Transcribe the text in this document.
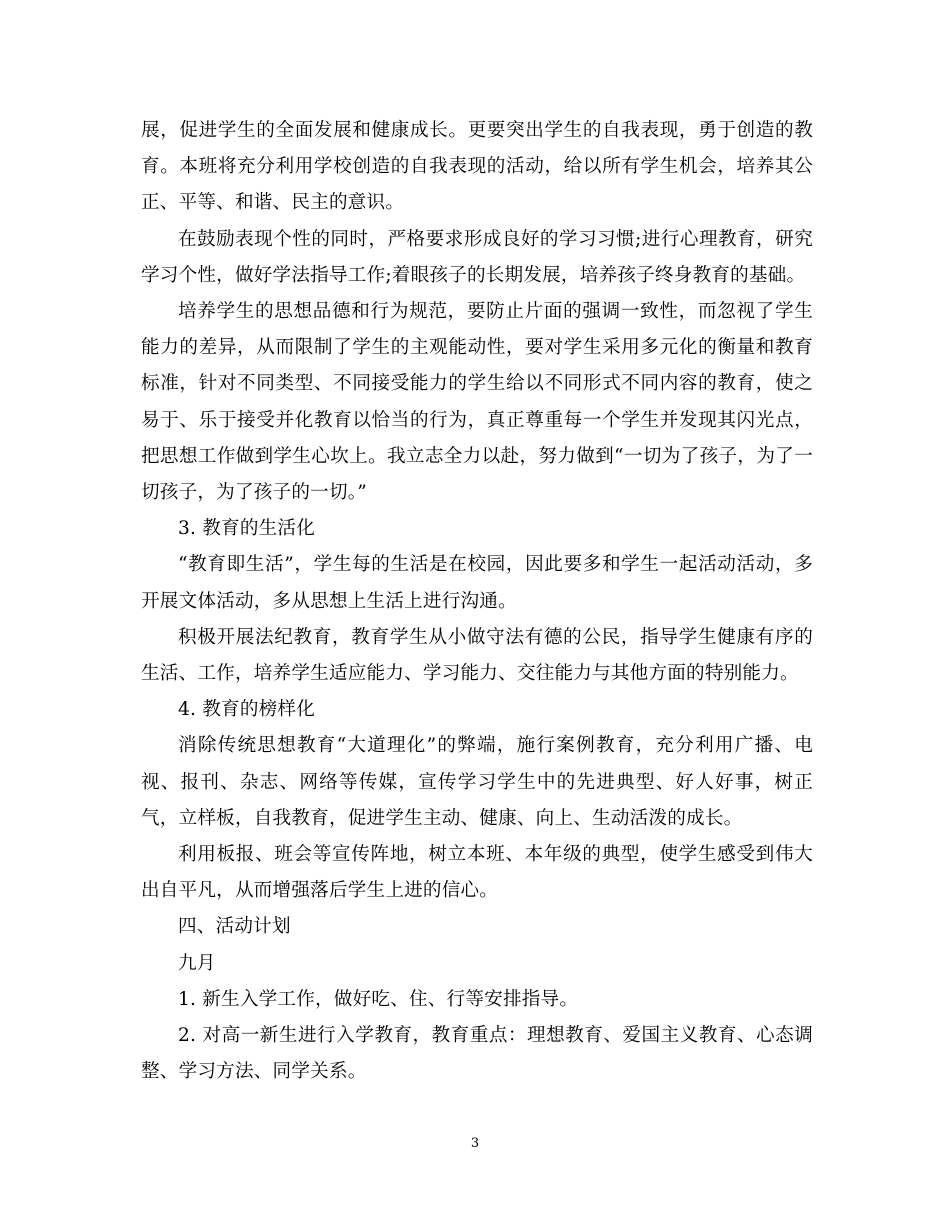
展，促进学生的全面发展和健康成长。更要突出学生的自我表现，勇于创造的教育。本班将充分利用学校创造的自我表现的活动，给以所有学生机会，培养其公正、平等、和谐、民主的意识。

在鼓励表现个性的同时，严格要求形成良好的学习习惯;进行心理教育，研究学习个性，做好学法指导工作;着眼孩子的长期发展，培养孩子终身教育的基础。

培养学生的思想品德和行为规范，要防止片面的强调一致性，而忽视了学生能力的差异，从而限制了学生的主观能动性，要对学生采用多元化的衡量和教育标准，针对不同类型、不同接受能力的学生给以不同形式不同内容的教育，使之易于、乐于接受并化教育以恰当的行为，真正尊重每一个学生并发现其闪光点，把思想工作做到学生心坎上。我立志全力以赴，努力做到“一切为了孩子，为了一切孩子，为了孩子的一切。”

3. 教育的生活化

“教育即生活”，学生每的生活是在校园，因此要多和学生一起活动活动，多开展文体活动，多从思想上生活上进行沟通。

积极开展法纪教育，教育学生从小做守法有德的公民，指导学生健康有序的生活、工作，培养学生适应能力、学习能力、交往能力与其他方面的特别能力。

4. 教育的榜样化

消除传统思想教育“大道理化”的弊端，施行案例教育，充分利用广播、电视、报刊、杂志、网络等传媒，宣传学习学生中的先进典型、好人好事，树正气，立样板，自我教育，促进学生主动、健康、向上、生动活泼的成长。

利用板报、班会等宣传阵地，树立本班、本年级的典型，使学生感受到伟大出自平凡，从而增强落后学生上进的信心。

四、活动计划

九月

1. 新生入学工作，做好吃、住、行等安排指导。

2. 对高一新生进行入学教育，教育重点：理想教育、爱国主义教育、心态调整、学习方法、同学关系。

3
